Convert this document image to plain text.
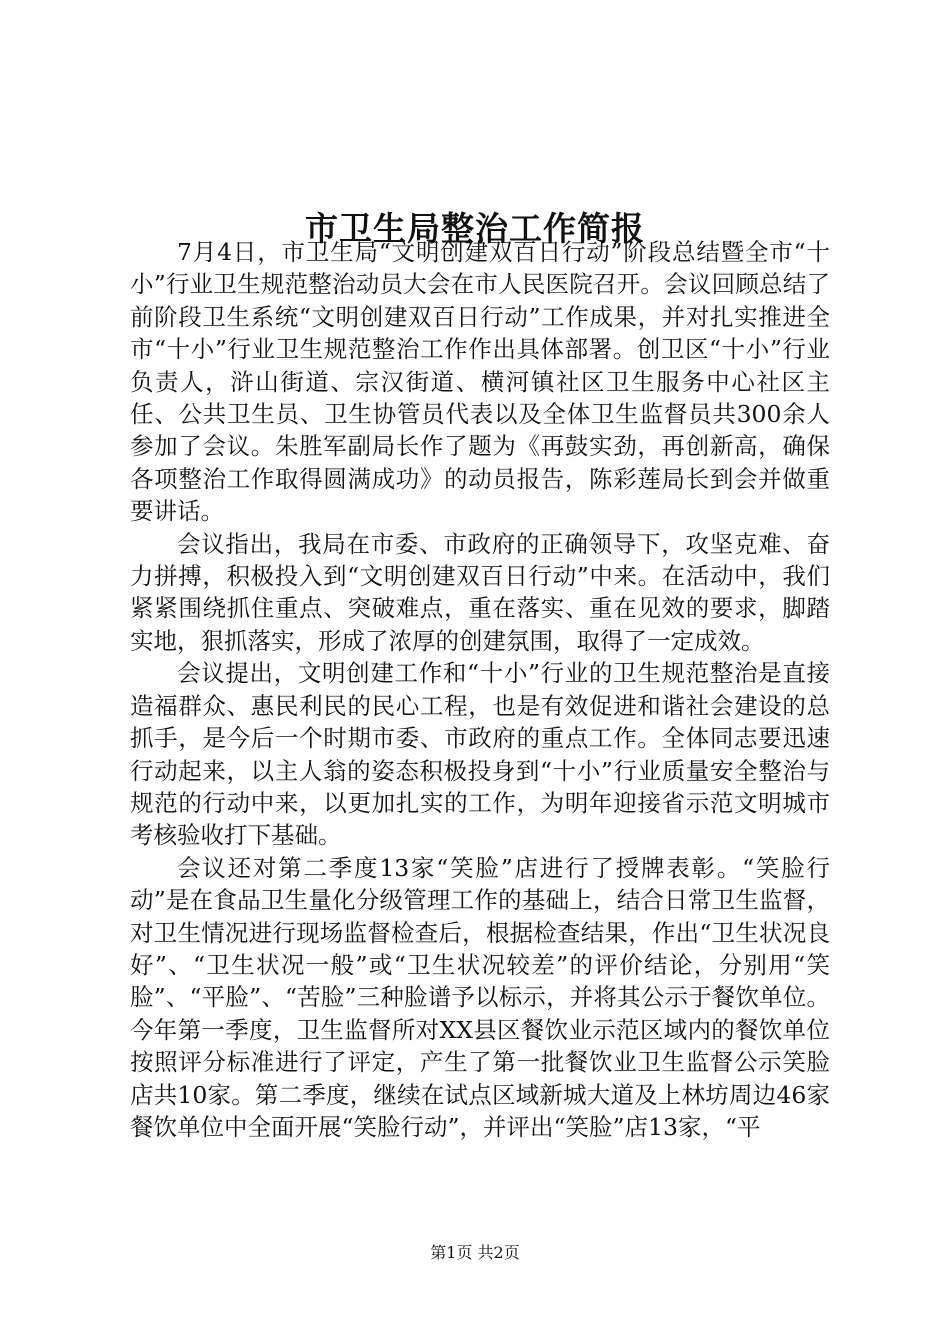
市卫生局整治工作简报

7月4日，市卫生局“文明创建双百日行动”阶段总结暨全市“十小”行业卫生规范整治动员大会在市人民医院召开。会议回顾总结了前阶段卫生系统“文明创建双百日行动”工作成果，并对扎实推进全市“十小”行业卫生规范整治工作作出具体部署。创卫区“十小”行业负责人，浒山街道、宗汉街道、横河镇社区卫生服务中心社区主任、公共卫生员、卫生协管员代表以及全体卫生监督员共300余人参加了会议。朱胜军副局长作了题为《再鼓实劲，再创新高，确保各项整治工作取得圆满成功》的动员报告，陈彩莲局长到会并做重要讲话。

会议指出，我局在市委、市政府的正确领导下，攻坚克难、奋力拼搏，积极投入到“文明创建双百日行动”中来。在活动中，我们紧紧围绕抓住重点、突破难点，重在落实、重在见效的要求，脚踏实地，狠抓落实，形成了浓厚的创建氛围，取得了一定成效。

会议提出，文明创建工作和“十小”行业的卫生规范整治是直接造福群众、惠民利民的民心工程，也是有效促进和谐社会建设的总抓手，是今后一个时期市委、市政府的重点工作。全体同志要迅速行动起来，以主人翁的姿态积极投身到“十小”行业质量安全整治与规范的行动中来，以更加扎实的工作，为明年迎接省示范文明城市考核验收打下基础。

会议还对第二季度13家“笑脸”店进行了授牌表彰。“笑脸行动”是在食品卫生量化分级管理工作的基础上，结合日常卫生监督，对卫生情况进行现场监督检查后，根据检查结果，作出“卫生状况良好”、“卫生状况一般”或“卫生状况较差”的评价结论，分别用“笑脸”、“平脸”、“苦脸”三种脸谱予以标示，并将其公示于餐饮单位。今年第一季度，卫生监督所对XX县区餐饮业示范区域内的餐饮单位按照评分标准进行了评定，产生了第一批餐饮业卫生监督公示笑脸店共10家。第二季度，继续在试点区域新城大道及上林坊周边46家餐饮单位中全面开展“笑脸行动”，并评出“笑脸”店13家，“平

第1页 共2页
